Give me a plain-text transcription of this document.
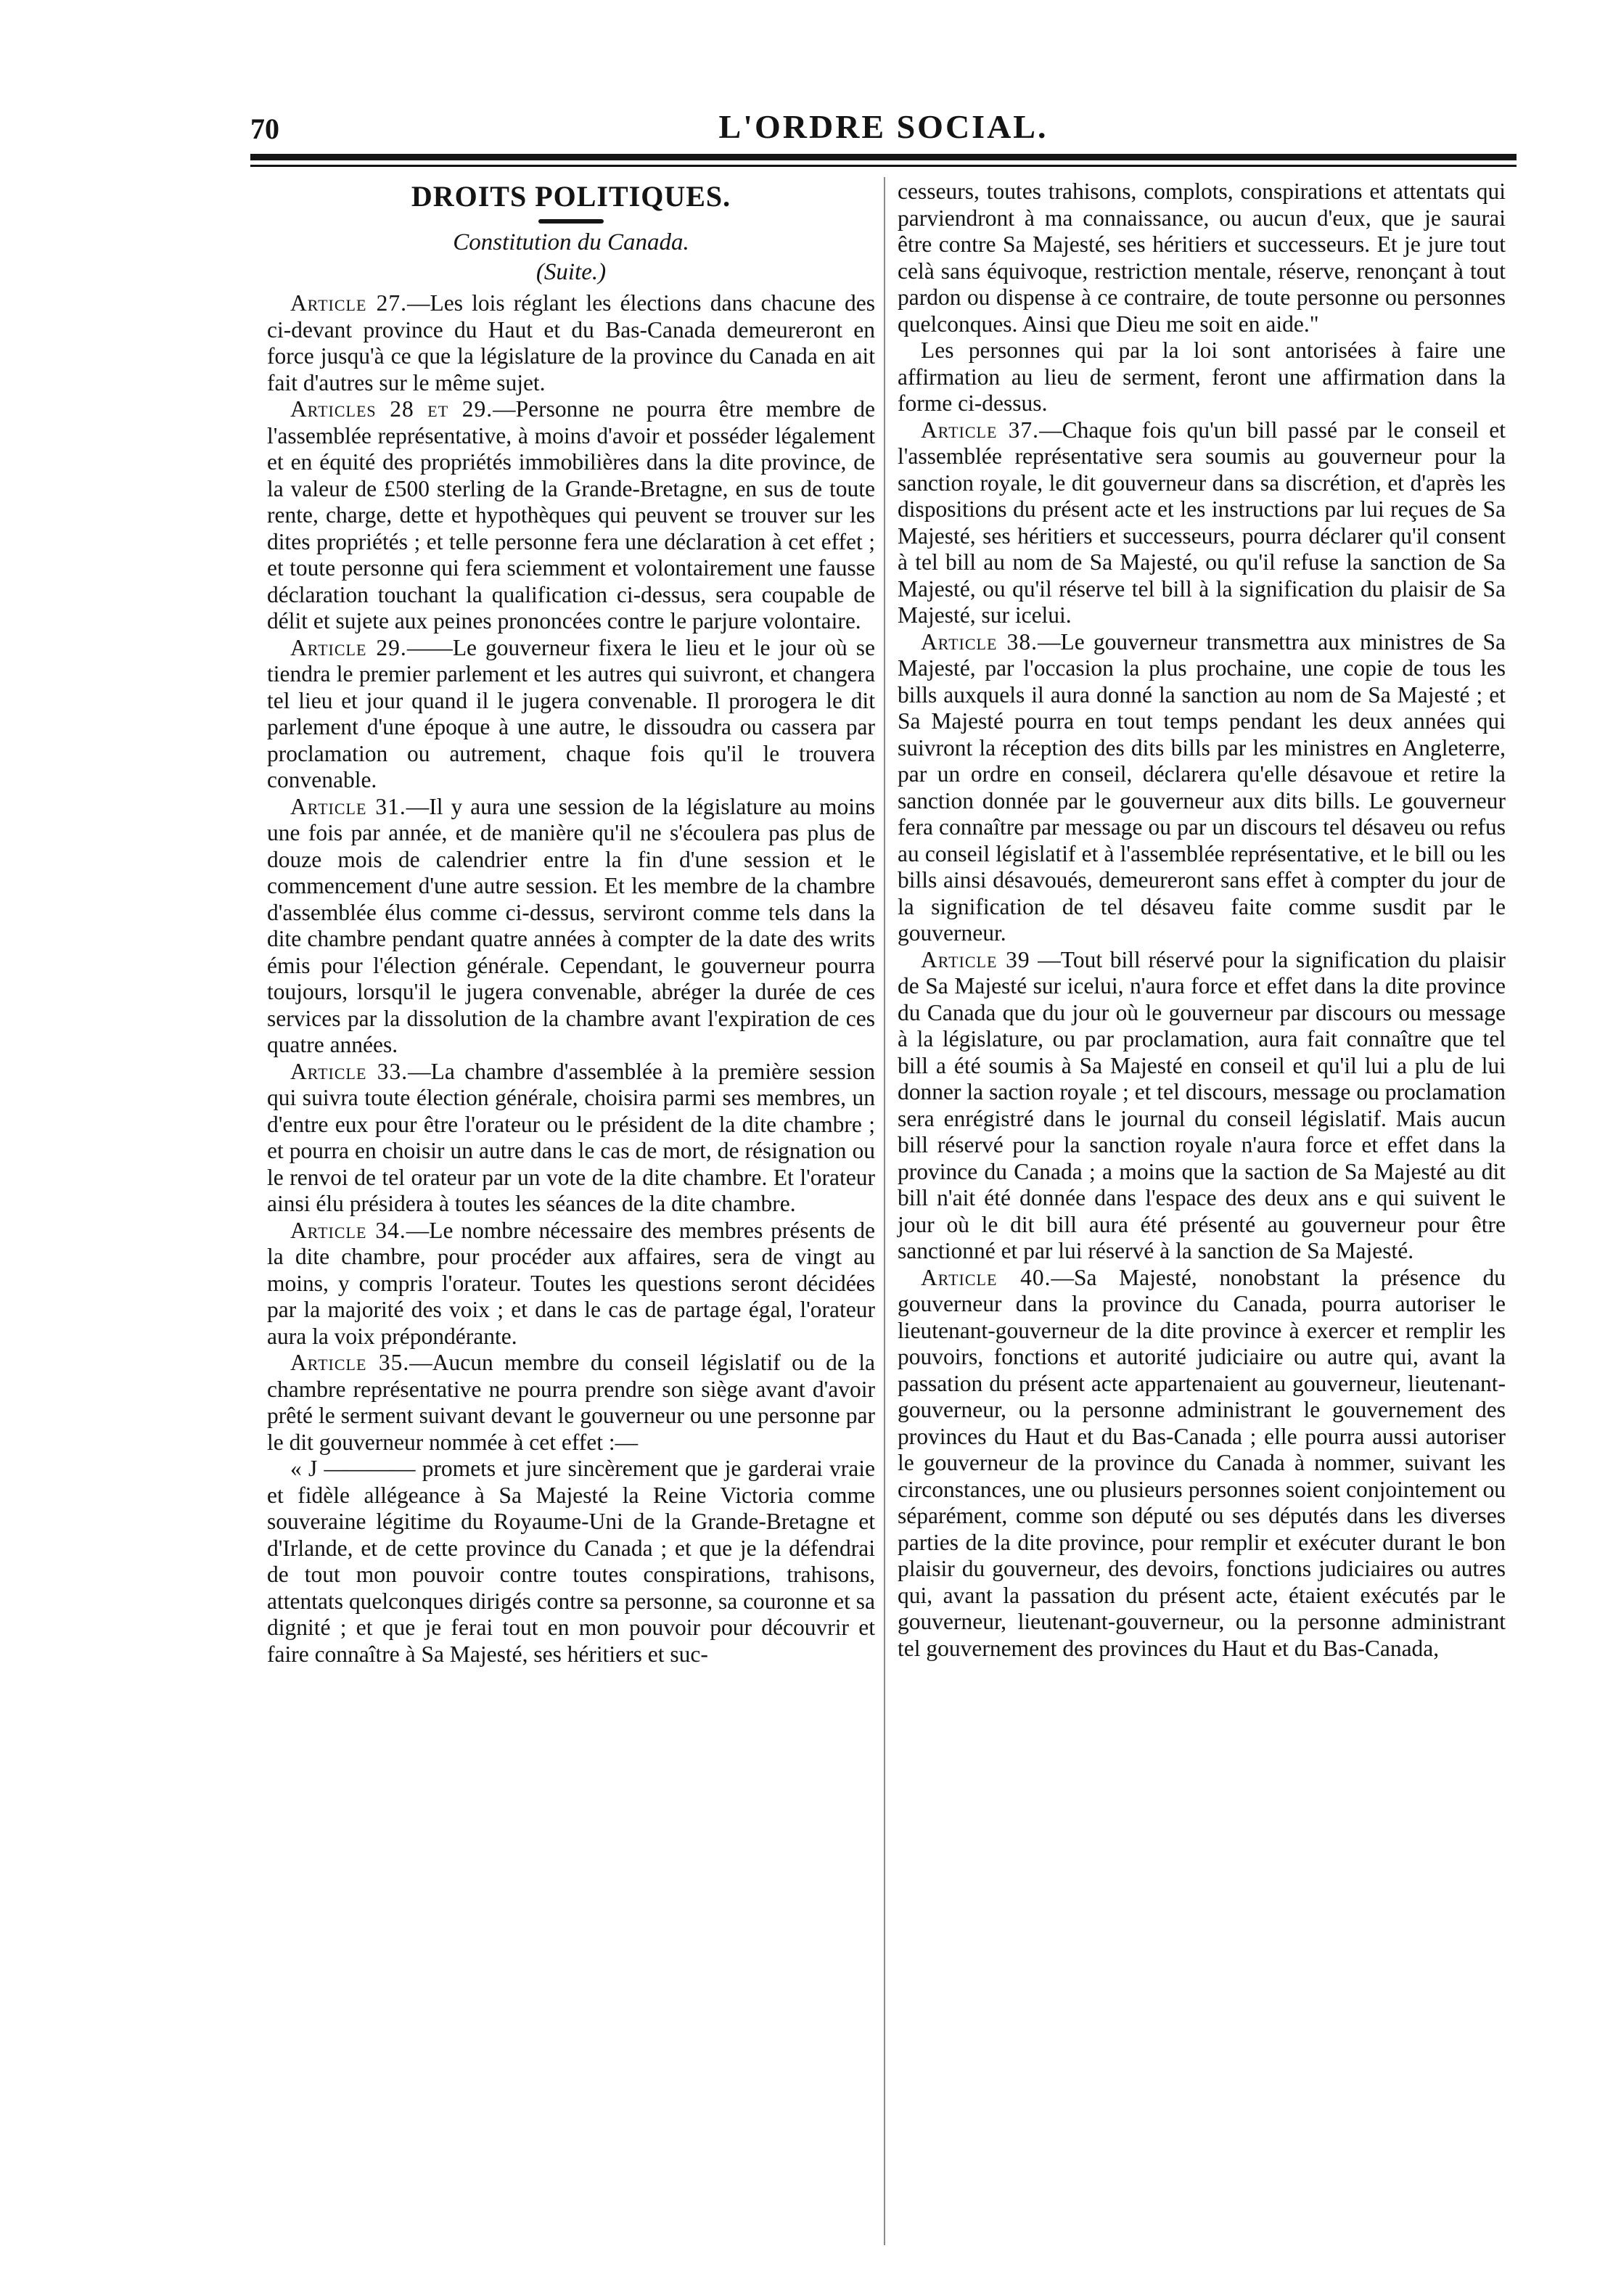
70	L'ORDRE SOCIAL.
DROITS POLITIQUES.
Constitution du Canada.
(Suite.)

Article 27.—Les lois réglant les élections dans chacune des ci-devant province du Haut et du Bas-Canada demeureront en force jusqu'à ce que la législature de la province du Canada en ait fait d'autres sur le même sujet.

Articles 28 et 29.—Personne ne pourra être membre de l'assemblée représentative, à moins d'avoir et posséder légalement et en équité des propriétés immobilières dans la dite province, de la valeur de £500 sterling de la Grande-Bretagne, en sus de toute rente, charge, dette et hypothèques qui peuvent se trouver sur les dites propriétés ; et telle personne fera une déclaration à cet effet ; et toute personne qui fera sciemment et volontairement une fausse déclaration touchant la qualification ci-dessus, sera coupable de délit et sujete aux peines prononcées contre le parjure volontaire.

Article 29.——Le gouverneur fixera le lieu et le jour où se tiendra le premier parlement et les autres qui suivront, et changera tel lieu et jour quand il le jugera convenable. Il prorogera le dit parlement d'une époque à une autre, le dissoudra ou cassera par proclamation ou autrement, chaque fois qu'il le trouvera convenable.

Article 31.—Il y aura une session de la législature au moins une fois par année, et de manière qu'il ne s'écoulera pas plus de douze mois de calendrier entre la fin d'une session et le commencement d'une autre session. Et les membre de la chambre d'assemblée élus comme ci-dessus, serviront comme tels dans la dite chambre pendant quatre années à compter de la date des writs émis pour l'élection générale. Cependant, le gouverneur pourra toujours, lorsqu'il le jugera convenable, abréger la durée de ces services par la dissolution de la chambre avant l'expiration de ces quatre années.

Article 33.—La chambre d'assemblée à la première session qui suivra toute élection générale, choisira parmi ses membres, un d'entre eux pour être l'orateur ou le président de la dite chambre ; et pourra en choisir un autre dans le cas de mort, de résignation ou le renvoi de tel orateur par un vote de la dite chambre. Et l'orateur ainsi élu présidera à toutes les séances de la dite chambre.

Article 34.—Le nombre nécessaire des membres présents de la dite chambre, pour procéder aux affaires, sera de vingt au moins, y compris l'orateur. Toutes les questions seront décidées par la majorité des voix ; et dans le cas de partage égal, l'orateur aura la voix prépondérante.

Article 35.—Aucun membre du conseil législatif ou de la chambre représentative ne pourra prendre son siège avant d'avoir prêté le serment suivant devant le gouverneur ou une personne par le dit gouverneur nommée à cet effet :—

« J ———— promets et jure sincèrement que je garderai vraie et fidèle allégeance à Sa Majesté la Reine Victoria comme souveraine légitime du Royaume-Uni de la Grande-Bretagne et d'Irlande, et de cette province du Canada ; et que je la défendrai de tout mon pouvoir contre toutes conspirations, trahisons, attentats quelconques dirigés contre sa personne, sa couronne et sa dignité ; et que je ferai tout en mon pouvoir pour découvrir et faire connaître à Sa Majesté, ses héritiers et suc-

cesseurs, toutes trahisons, complots, conspirations et attentats qui parviendront à ma connaissance, ou aucun d'eux, que je saurai être contre Sa Majesté, ses héritiers et successeurs. Et je jure tout celà sans équivoque, restriction mentale, réserve, renonçant à tout pardon ou dispense à ce contraire, de toute personne ou personnes quelconques. Ainsi que Dieu me soit en aide."

Les personnes qui par la loi sont antorisées à faire une affirmation au lieu de serment, feront une affirmation dans la forme ci-dessus.

Article 37.—Chaque fois qu'un bill passé par le conseil et l'assemblée représentative sera soumis au gouverneur pour la sanction royale, le dit gouverneur dans sa discrétion, et d'après les dispositions du présent acte et les instructions par lui reçues de Sa Majesté, ses héritiers et successeurs, pourra déclarer qu'il consent à tel bill au nom de Sa Majesté, ou qu'il refuse la sanction de Sa Majesté, ou qu'il réserve tel bill à la signification du plaisir de Sa Majesté, sur icelui.

Article 38.—Le gouverneur transmettra aux ministres de Sa Majesté, par l'occasion la plus prochaine, une copie de tous les bills auxquels il aura donné la sanction au nom de Sa Majesté ; et Sa Majesté pourra en tout temps pendant les deux années qui suivront la réception des dits bills par les ministres en Angleterre, par un ordre en conseil, déclarera qu'elle désavoue et retire la sanction donnée par le gouverneur aux dits bills. Le gouverneur fera connaître par message ou par un discours tel désaveu ou refus au conseil législatif et à l'assemblée représentative, et le bill ou les bills ainsi désavoués, demeureront sans effet à compter du jour de la signification de tel désaveu faite comme susdit par le gouverneur.

Article 39 —Tout bill réservé pour la signification du plaisir de Sa Majesté sur icelui, n'aura force et effet dans la dite province du Canada que du jour où le gouverneur par discours ou message à la législature, ou par proclamation, aura fait connaître que tel bill a été soumis à Sa Majesté en conseil et qu'il lui a plu de lui donner la saction royale ; et tel discours, message ou proclamation sera enrégistré dans le journal du conseil législatif. Mais aucun bill réservé pour la sanction royale n'aura force et effet dans la province du Canada ; a moins que la saction de Sa Majesté au dit bill n'ait été donnée dans l'espace des deux ans e qui suivent le jour où le dit bill aura été présenté au gouverneur pour être sanctionné et par lui réservé à la sanction de Sa Majesté.

Article 40.—Sa Majesté, nonobstant la présence du gouverneur dans la province du Canada, pourra autoriser le lieutenant-gouverneur de la dite province à exercer et remplir les pouvoirs, fonctions et autorité judiciaire ou autre qui, avant la passation du présent acte appartenaient au gouverneur, lieutenant-gouverneur, ou la personne administrant le gouvernement des provinces du Haut et du Bas-Canada ; elle pourra aussi autoriser le gouverneur de la province du Canada à nommer, suivant les circonstances, une ou plusieurs personnes soient conjointement ou séparément, comme son député ou ses députés dans les diverses parties de la dite province, pour remplir et exécuter durant le bon plaisir du gouverneur, des devoirs, fonctions judiciaires ou autres qui, avant la passation du présent acte, étaient exécutés par le gouverneur, lieutenant-gouverneur, ou la personne administrant tel gouvernement des provinces du Haut et du Bas-Canada,
